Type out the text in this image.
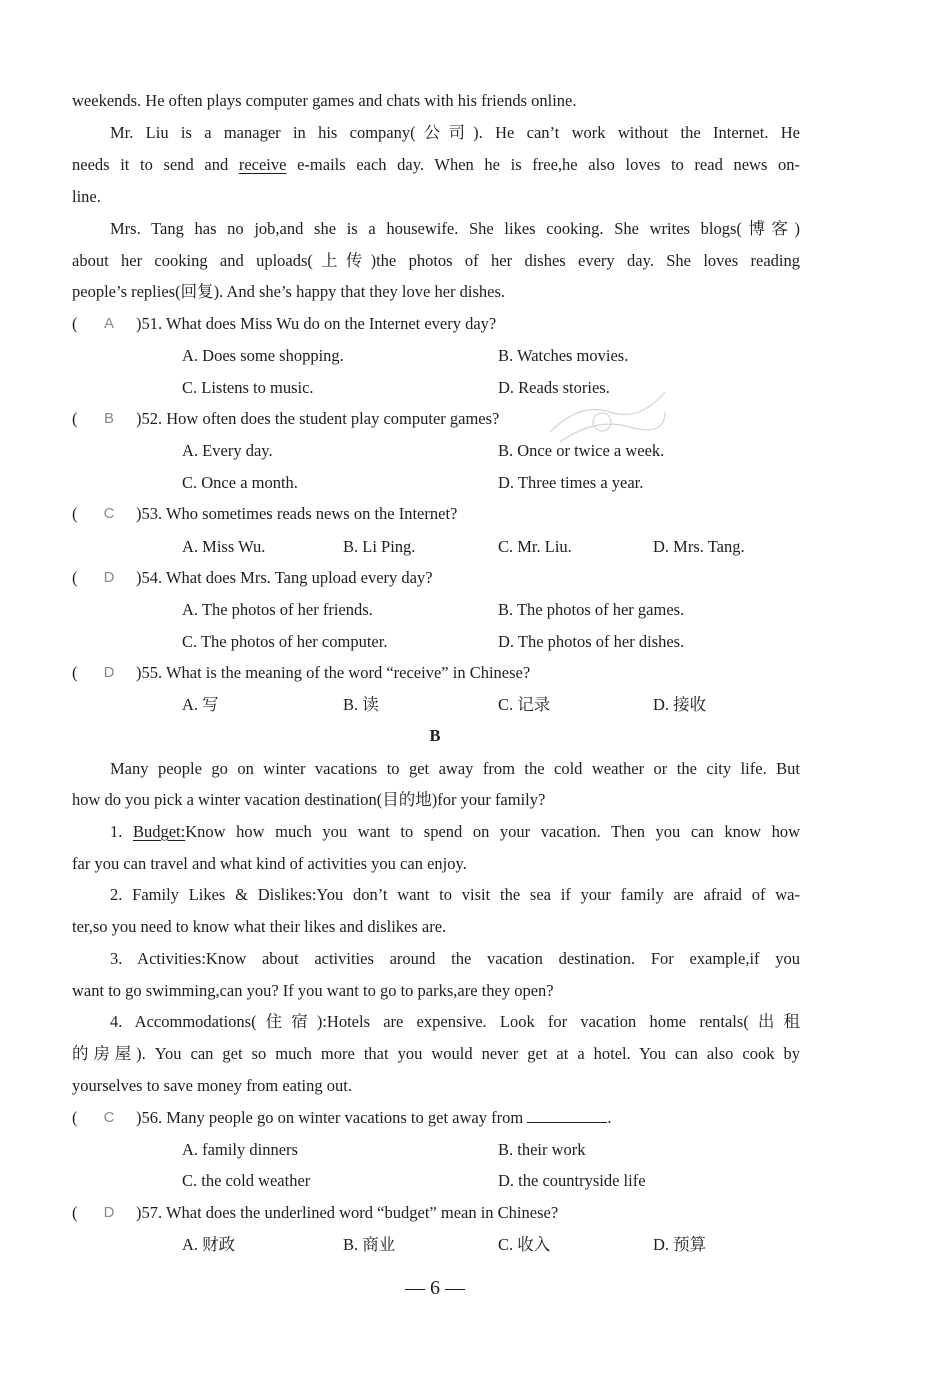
weekends. He often plays computer games and chats with his friends online.
Mr. Liu is a manager in his company(公司). He can’t work without the Internet. He
needs it to send and receive e-mails each day. When he is free,he also loves to read news on-
line.
Mrs. Tang has no job,and she is a housewife. She likes cooking. She writes blogs(博客)
about her cooking and uploads(上传)the photos of her dishes every day. She loves reading
people’s replies(回复). And she’s happy that they love her dishes.
( A )51. What does Miss Wu do on the Internet every day?
A. Does some shopping.	B. Watches movies.
C. Listens to music.	D. Reads stories.
( B )52. How often does the student play computer games?
A. Every day.	B. Once or twice a week.
C. Once a month.	D. Three times a year.
( C )53. Who sometimes reads news on the Internet?
A. Miss Wu.	B. Li Ping.	C. Mr. Liu.	D. Mrs. Tang.
( D )54. What does Mrs. Tang upload every day?
A. The photos of her friends.	B. The photos of her games.
C. The photos of her computer.	D. The photos of her dishes.
( D )55. What is the meaning of the word “receive” in Chinese?
A. 写	B. 读	C. 记录	D. 接收
B
Many people go on winter vacations to get away from the cold weather or the city life. But
how do you pick a winter vacation destination(目的地)for your family?
1. Budget:Know how much you want to spend on your vacation. Then you can know how
far you can travel and what kind of activities you can enjoy.
2. Family Likes & Dislikes:You don’t want to visit the sea if your family are afraid of wa-
ter,so you need to know what their likes and dislikes are.
3. Activities:Know about activities around the vacation destination. For example,if you
want to go swimming,can you? If you want to go to parks,are they open?
4. Accommodations(住宿):Hotels are expensive. Look for vacation home rentals(出租
的房屋). You can get so much more that you would never get at a hotel. You can also cook by
yourselves to save money from eating out.
( C )56. Many people go on winter vacations to get away from	.
A. family dinners	B. their work
C. the cold weather	D. the countryside life
( D )57. What does the underlined word “budget” mean in Chinese?
A. 财政	B. 商业	C. 收入	D. 预算
— 6 —
